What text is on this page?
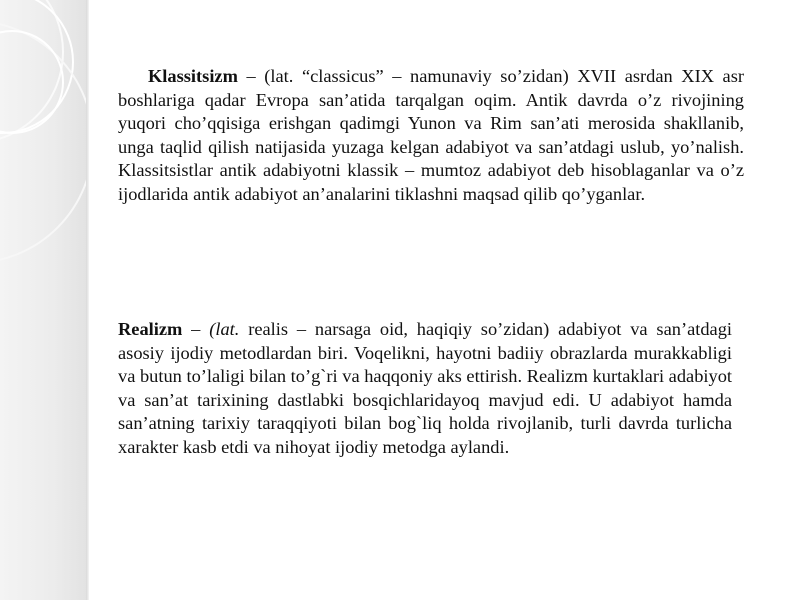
Klassitsizm – (lat. “classicus” – namunaviy so’zidan) XVII asrdan XIX asr boshlariga qadar Evropa san’atida tarqalgan oqim. Antik davrda o’z rivojining yuqori cho’qqisiga erishgan qadimgi Yunon va Rim san’ati merosida shakllanib, unga taqlid qilish natijasida yuzaga kelgan adabiyot va san’atdagi uslub, yo’nalish. Klassitsistlar antik adabiyotni klassik – mumtoz adabiyot deb hisoblaganlar va o’z ijodlarida antik adabiyot an’analarini tiklashni maqsad qilib qo’yganlar.

Realizm – (lat. realis – narsaga oid, haqiqiy so’zidan) adabiyot va san’atdagi asosiy ijodiy metodlardan biri. Voqelikni, hayotni badiiy obrazlarda murakkabligi va butun to’laligi bilan to’g`ri va haqqoniy aks ettirish. Realizm kurtaklari adabiyot va san’at tarixining dastlabki bosqichlaridayoq mavjud edi. U adabiyot hamda san’atning tarixiy taraqqiyoti bilan bog`liq holda rivojlanib, turli davrda turlicha xarakter kasb etdi va nihoyat ijodiy metodga aylandi.
